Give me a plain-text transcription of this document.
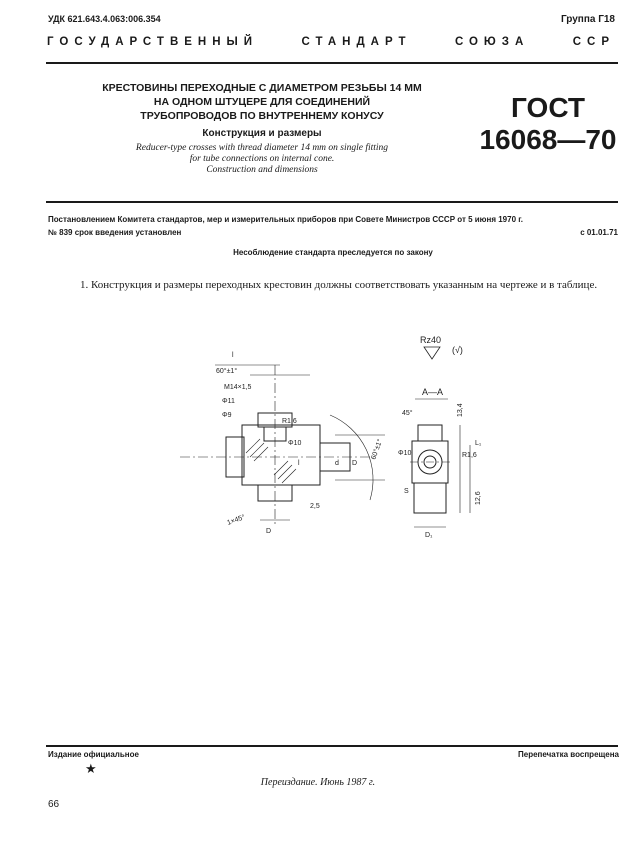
УДК 621.643.4.063:006.354	Группа Г18
ГОСУДАРСТВЕННЫЙ	СТАНДАРТ	СОЮЗА	ССР
КРЕСТОВИНЫ ПЕРЕХОДНЫЕ С ДИАМЕТРОМ РЕЗЬБЫ 14 ММ
НА ОДНОМ ШТУЦЕРЕ ДЛЯ СОЕДИНЕНИЙ
ТРУБОПРОВОДОВ ПО ВНУТРЕННЕМУ КОНУСУ
Конструкция и размеры
Reducer-type crosses with thread diameter 14 mm on single fitting
for tube connections on internal cone.
Construction and dimensions
ГОСТ
16068—70
Постановлением Комитета стандартов, мер и измерительных приборов при Совете Министров СССР от 5 июня 1970 г.
№ 839 срок введения установлен	с 01.01.71
Несоблюдение стандарта преследуется по закону
1. Конструкция и размеры переходных крестовин должны соответствовать указанным на чертеже и в таблице.
l
60°±1°
М14×1,5
Φ11
Φ9
R1,6
Φ10
l	d D
60°±1°
2,5
D
1×45°
Rz40
(√)
А—А
45°
Φ10	R1,6
S
D₁
L₁
13,4
12,6
Издание официальное	Перепечатка воспрещена
★
Переиздание. Июнь 1987 г.
66
